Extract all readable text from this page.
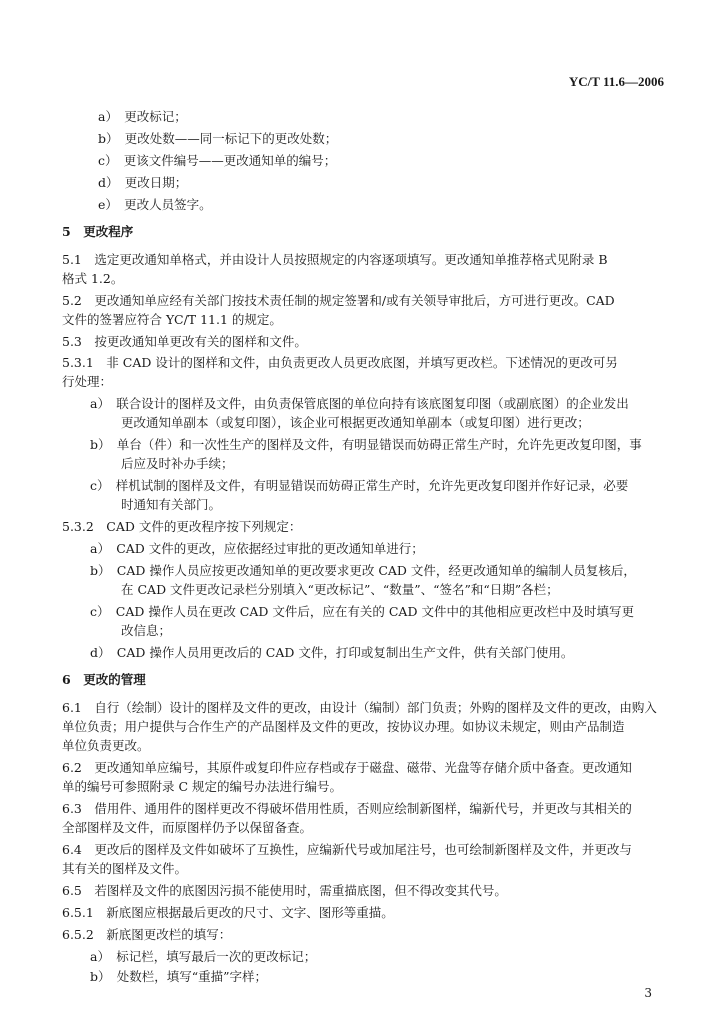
YC/T 11.6—2006
a）　更改标记；
b）　更改处数——同一标记下的更改处数；
c）　更该文件编号——更改通知单的编号；
d）　更改日期；
e）　更改人员签字。
5　更改程序
5.1　选定更改通知单格式，并由设计人员按照规定的内容逐项填写。更改通知单推荐格式见附录 B
格式 1.2。
5.2　更改通知单应经有关部门按技术责任制的规定签署和/或有关领导审批后，方可进行更改。CAD
文件的签署应符合 YC/T 11.1 的规定。
5.3　按更改通知单更改有关的图样和文件。
5.3.1　非 CAD 设计的图样和文件，由负责更改人员更改底图，并填写更改栏。下述情况的更改可另
行处理：
a）　联合设计的图样及文件，由负责保管底图的单位向持有该底图复印图（或副底图）的企业发出
更改通知单副本（或复印图），该企业可根据更改通知单副本（或复印图）进行更改；
b）　单台（件）和一次性生产的图样及文件，有明显错误而妨碍正常生产时，允许先更改复印图，事
后应及时补办手续；
c）　样机试制的图样及文件，有明显错误而妨碍正常生产时，允许先更改复印图并作好记录，必要
时通知有关部门。
5.3.2　CAD 文件的更改程序按下列规定：
a）　CAD 文件的更改，应依据经过审批的更改通知单进行；
b）　CAD 操作人员应按更改通知单的更改要求更改 CAD 文件，经更改通知单的编制人员复核后，
在 CAD 文件更改记录栏分别填入“更改标记”、“数量”、“签名”和“日期”各栏；
c）　CAD 操作人员在更改 CAD 文件后，应在有关的 CAD 文件中的其他相应更改栏中及时填写更
改信息；
d）　CAD 操作人员用更改后的 CAD 文件，打印或复制出生产文件，供有关部门使用。
6　更改的管理
6.1　自行（绘制）设计的图样及文件的更改，由设计（编制）部门负责；外购的图样及文件的更改，由购入
单位负责；用户提供与合作生产的产品图样及文件的更改，按协议办理。如协议未规定，则由产品制造
单位负责更改。
6.2　更改通知单应编号，其原件或复印件应存档或存于磁盘、磁带、光盘等存储介质中备查。更改通知
单的编号可参照附录 C 规定的编号办法进行编号。
6.3　借用件、通用件的图样更改不得破坏借用性质，否则应绘制新图样，编新代号，并更改与其相关的
全部图样及文件，而原图样仍予以保留备查。
6.4　更改后的图样及文件如破坏了互换性，应编新代号或加尾注号，也可绘制新图样及文件，并更改与
其有关的图样及文件。
6.5　若图样及文件的底图因污损不能使用时，需重描底图，但不得改变其代号。
6.5.1　新底图应根据最后更改的尺寸、文字、图形等重描。
6.5.2　新底图更改栏的填写：
a）　标记栏，填写最后一次的更改标记；
b）　处数栏，填写“重描”字样；
3
